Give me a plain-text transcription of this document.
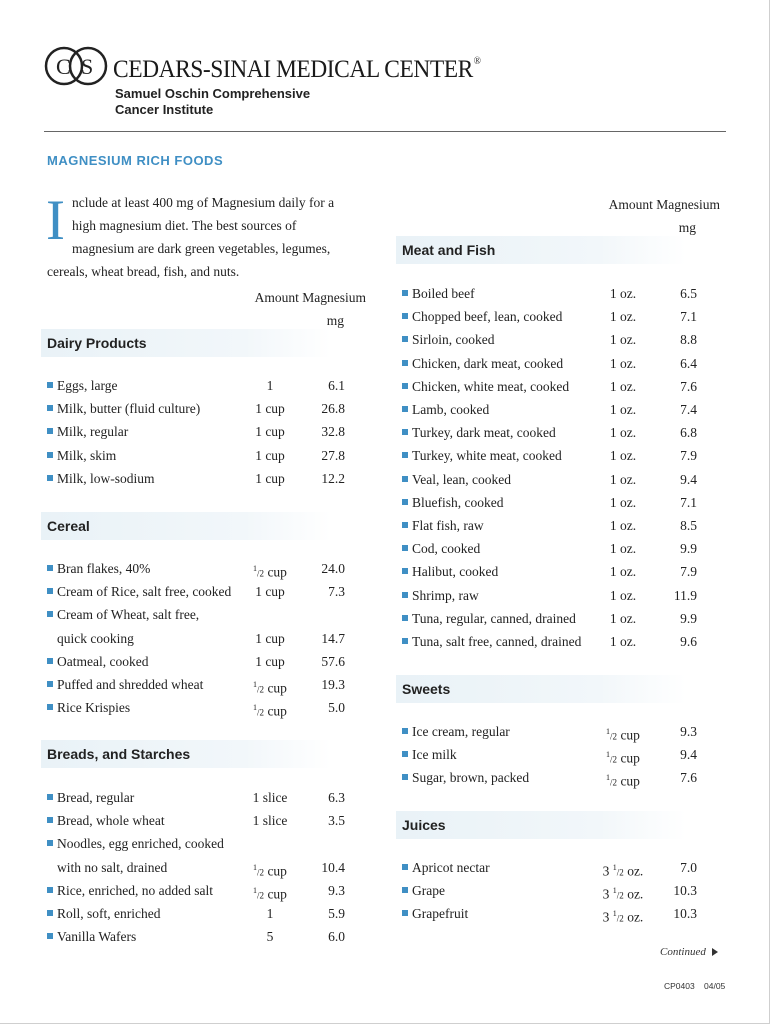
C S CEDARS-SINAI MEDICAL CENTER®
Samuel Oschin Comprehensive
Cancer Institute
MAGNESIUM RICH FOODS
I nclude at least 400 mg of Magnesium daily for a
high magnesium diet. The best sources of
magnesium are dark green vegetables, legumes,
cereals, wheat bread, fish, and nuts.
Amount Magnesium
mg
Amount Magnesium
mg
Dairy Products
Eggs, large	1	6.1
Milk, butter (fluid culture)	1 cup	26.8
Milk, regular	1 cup	32.8
Milk, skim	1 cup	27.8
Milk, low-sodium	1 cup	12.2
Cereal
Bran flakes, 40%	$^1$/2 cup	24.0
Cream of Rice, salt free, cooked	1 cup	7.3
Cream of Wheat, salt free,
quick cooking	1 cup	14.7
Oatmeal, cooked	1 cup	57.6
Puffed and shredded wheat	$^1$/2 cup	19.3
Rice Krispies	$^1$/2 cup	5.0
Breads, and Starches
Bread, regular	1 slice	6.3
Bread, whole wheat	1 slice	3.5
Noodles, egg enriched, cooked
with no salt, drained	$^1$/2 cup	10.4
Rice, enriched, no added salt	$^1$/2 cup	9.3
Roll, soft, enriched	1	5.9
Vanilla Wafers	5	6.0
Meat and Fish
Boiled beef	1 oz.	6.5
Chopped beef, lean, cooked	1 oz.	7.1
Sirloin, cooked	1 oz.	8.8
Chicken, dark meat, cooked	1 oz.	6.4
Chicken, white meat, cooked	1 oz.	7.6
Lamb, cooked	1 oz.	7.4
Turkey, dark meat, cooked	1 oz.	6.8
Turkey, white meat, cooked	1 oz.	7.9
Veal, lean, cooked	1 oz.	9.4
Bluefish, cooked	1 oz.	7.1
Flat fish, raw	1 oz.	8.5
Cod, cooked	1 oz.	9.9
Halibut, cooked	1 oz.	7.9
Shrimp, raw	1 oz.	11.9
Tuna, regular, canned, drained	1 oz.	9.9
Tuna, salt free, canned, drained	1 oz.	9.6
Sweets
Ice cream, regular	$^1$/2 cup	9.3
Ice milk	$^1$/2 cup	9.4
Sugar, brown, packed	$^1$/2 cup	7.6
Juices
Apricot nectar	3 $^1$/2 oz.	7.0
Grape	3 $^1$/2 oz.	10.3
Grapefruit	3 $^1$/2 oz.	10.3
Continued
CP0403 04/05
